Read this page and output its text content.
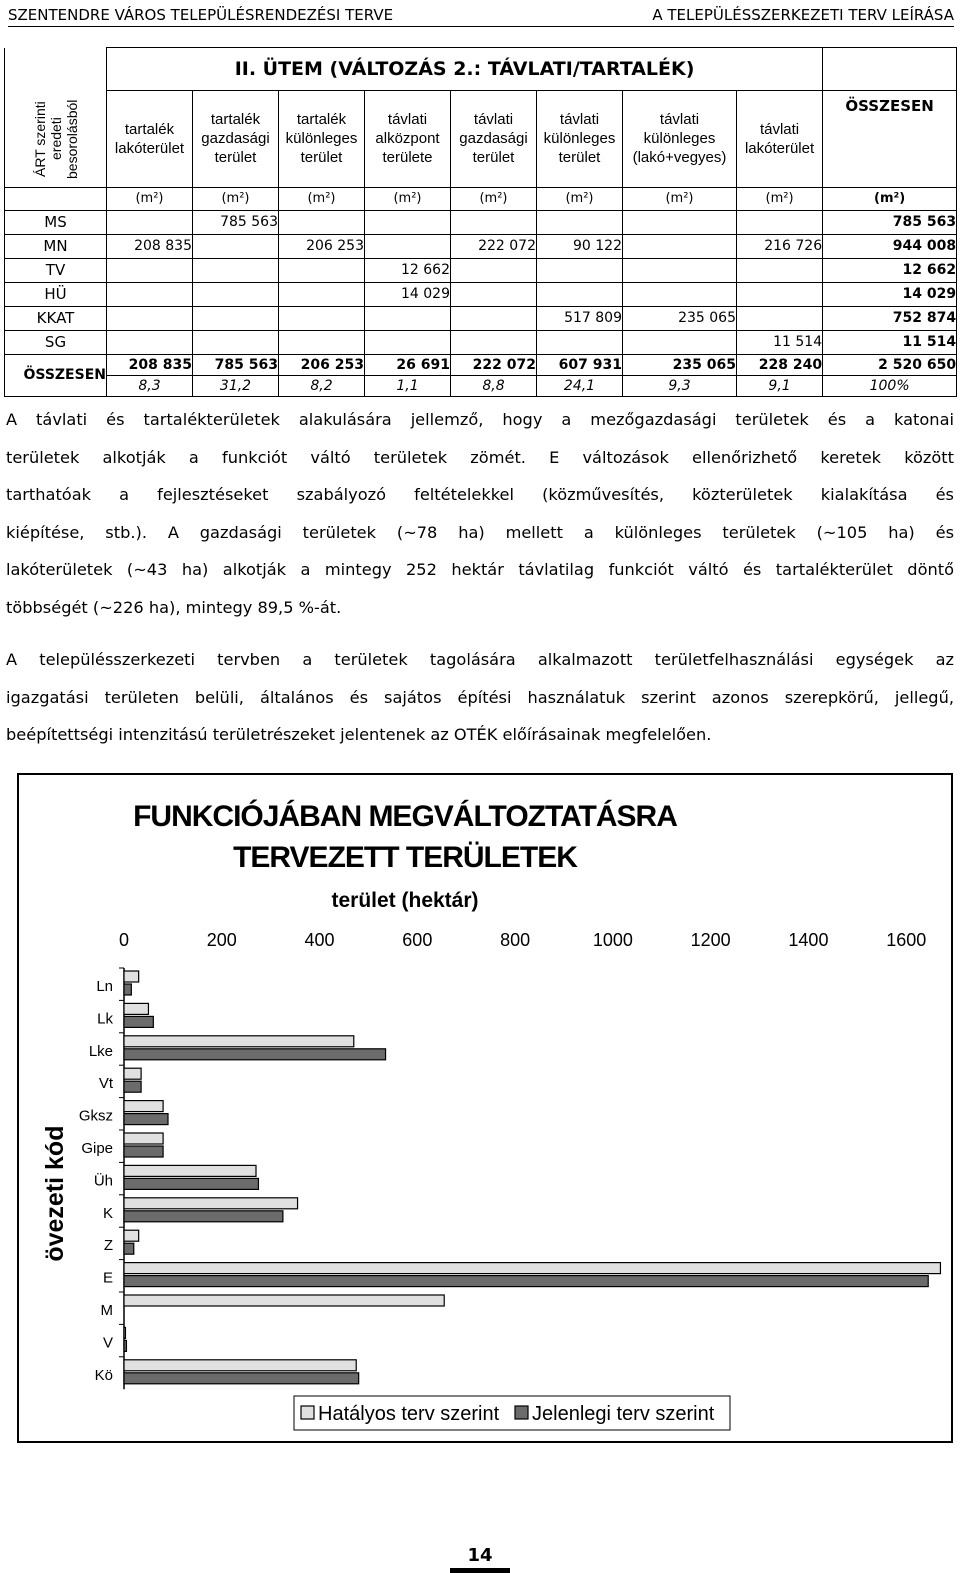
SZENTENDRE VÁROS TELEPÜLÉSRENDEZÉSI TERVE	A TELEPÜLÉSSZERKEZETI TERV LEÍRÁSA
	II. ÜTEM (VÁLTOZÁS 2.: TÁVLATI/TARTALÉK)								

ÁRT szerinti
eredeti
besorolásból	tartalék
lakóterület	tartalék
gazdasági
terület	tartalék
különleges
terület	távlati
alközpont
területe	távlati
gazdasági
terület	távlati
különleges
terület	távlati
különleges
(lakó+vegyes)	távlati
lakóterület	ÖSSZESEN
	(m²)	(m²)	(m²)	(m²)	(m²)	(m²)	(m²)	(m²)	(m²)
MS		785 563							785 563
MN	208 835		206 253		222 072	90 122		216 726	944 008
TV				12 662					12 662
HÜ				14 029					14 029
KKAT						517 809	235 065		752 874
SG								11 514	11 514
ÖSSZESEN	208 835	785 563	206 253	26 691	222 072	607 931	235 065	228 240	2 520 650
	8,3	31,2	8,2	1,1	8,8	24,1	9,3	9,1	100%
A távlati és tartalékterületek alakulására jellemző, hogy a mezőgazdasági területek és a katonai
területek alkotják a funkciót váltó területek zömét. E változások ellenőrizhető keretek között
tarthatóak a fejlesztéseket szabályozó feltételekkel (közművesítés, közterületek kialakítása és
kiépítése, stb.). A gazdasági területek (~78 ha) mellett a különleges területek (~105 ha) és
lakóterületek (~43 ha) alkotják a mintegy 252 hektár távlatilag funkciót váltó és tartalékterület döntő
többségét (~226 ha), mintegy 89,5 %-át.
A településszerkezeti tervben a területek tagolására alkalmazott területfelhasználási egységek az
igazgatási területen belüli, általános és sajátos építési használatuk szerint azonos szerepkörű, jellegű,
beépítettségi intenzitású területrészeket jelentenek az OTÉK előírásainak megfelelően.
FUNKCIÓJÁBAN MEGVÁLTOZTATÁSRA
TERVEZETT TERÜLETEK
terület (hektár)
0	200	400	600	800	1000	1200	1400	1600
övezeti kód
Ln
Lk
Lke
Vt
Gksz
Gipe
Üh
K
Z
E
M
V
Kö
Hatályos terv szerint Jelenlegi terv szerint
14
